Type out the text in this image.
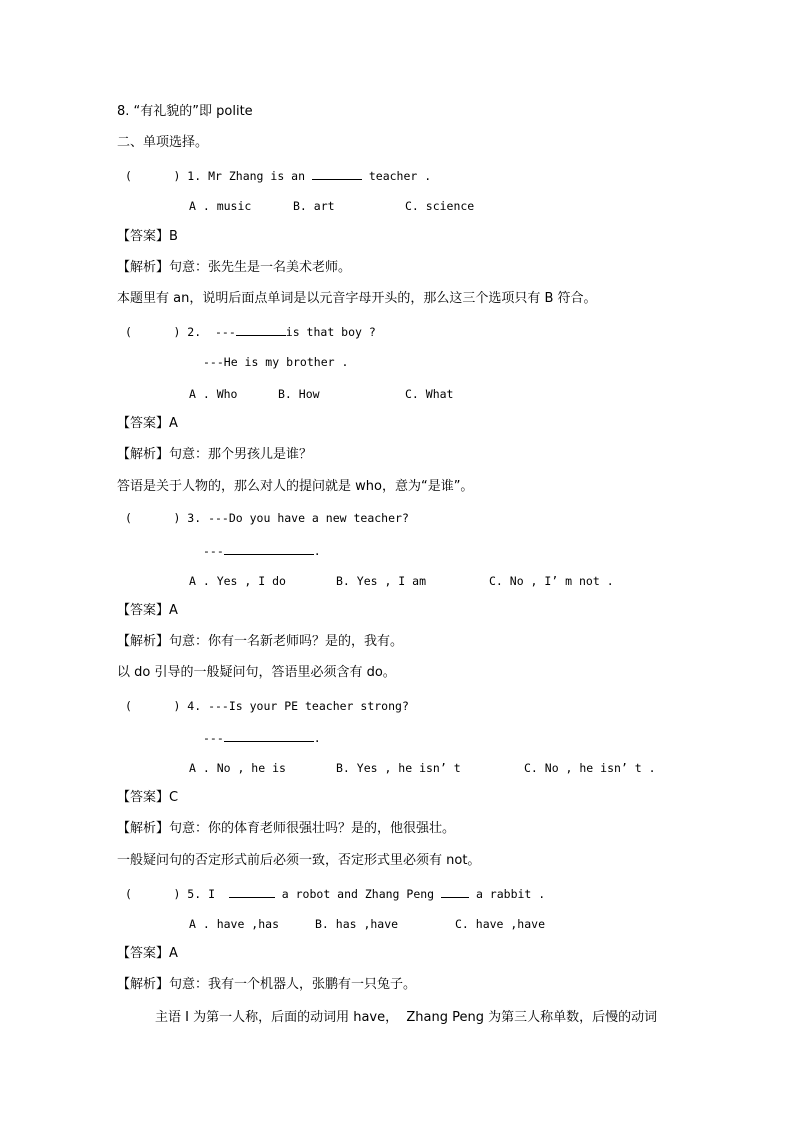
8. “有礼貌的”即 polite
二、单项选择。
(      ) 1. Mr Zhang is an	teacher .
A . music	B. art	C. science
【答案】B
【解析】句意：张先生是一名美术老师。
本题里有 an，说明后面点单词是以元音字母开头的，那么这三个选项只有 B 符合。
(      ) 2.  ---	is that boy ?
---He is my brother .
A . Who	B. How	C. What
【答案】A
【解析】句意：那个男孩儿是谁？
答语是关于人物的，那么对人的提问就是 who，意为“是谁”。
(      ) 3. ---Do you have a new teacher?
---	.
A . Yes , I do	B. Yes , I am	C. No , I’ m not .
【答案】A
【解析】句意：你有一名新老师吗？是的，我有。
以 do 引导的一般疑问句，答语里必须含有 do。
(      ) 4. ---Is your PE teacher strong?
---	.
A . No , he is	B. Yes , he isn’ t	C. No , he isn’ t .
【答案】C
【解析】句意：你的体育老师很强壮吗？是的，他很强壮。
一般疑问句的否定形式前后必须一致，否定形式里必须有 not。
(      ) 5. I	a robot and Zhang Peng  a rabbit .
A . have ,has	B. has ,have	C. have ,have
【答案】A
【解析】句意：我有一个机器人，张鹏有一只兔子。
主语 I 为第一人称，后面的动词用 have，  Zhang Peng 为第三人称单数，后慢的动词
